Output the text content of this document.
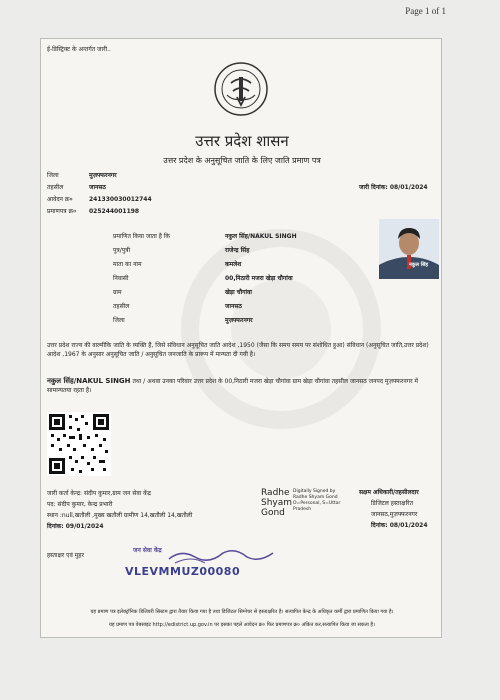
Page 1 of 1
ई-डिस्ट्रिक्ट के अन्तर्गत जारी..
उत्तर प्रदेश शासन
उत्तर प्रदेश के अनुसूचित जाति के लिए जाति प्रमाण पत्र
जिला	मुज़फ्फरनगर
तहसील	जानसठ	जारी दिनांक: 08/01/2024
आवेदन क्र०	241330030012744
प्रमाणपत्र क्र० 025244001198
प्रमाणित किया जाता है कि	नकुल सिंह/NAKUL SINGH
पुत्र/पुत्री	राजेन्द्र सिंह
माता का नाम	कमलेश
निवासी	00,निठारी मजरा खेड़ा चौगांवा
ग्राम	खेड़ा चौगांवा
तहसील	जानसठ
जिला	मुज़फ्फरनगर
नकुल सिंह
उत्तर प्रदेश राज्य की वाल्मीकि जाति के व्यक्ति हैं, जिसे संविधान अनुसूचित जाति आदेश ,1950 (जैसा कि समय समय पर संशोधित हुआ) संविधान (अनुसूचित जाति,उत्तर प्रदेश) आदेश ,1967 के अनुसार अनुसूचित जाति / अनुसूचित जनजाति के प्रारूप में मान्यता दी गयी है।
नकुल सिंह/NAKUL SINGH तथा / अथवा उनका परिवार उत्तर प्रदेश के 00,निठारी मजरा खेड़ा चौगांवा ग्राम खेड़ा चौगांवा तहसील जानसठ जनपद मुज़फ्फरनगर में सामान्यतया रहता है।
जारी कर्ता केन्द्र: संदीप कुमार,ग्राम जन सेवा केंद्र
पद: संदीप कुमार, केन्द्र प्रभारी
स्थान :null,खतौली ,मुख्य खतौली ग्रामीण 14,खतौली 14,खतौली
दिनांक: 09/01/2024
Radhe
Shyam
Gond
Digitally Signed by Radhe Shyam Gond O=Personal, S=Uttar Pradesh
सक्षम अधिकारी/तहसीलदार
डिजिटल हस्ताक्षरित
जानसठ,मुज़फ्फरनगर
दिनांक: 08/01/2024
हस्ताक्षर एवं मुहर
जन सेवा केंद्र
VLEVMMUZ00080
यह प्रमाण पत्र इलेक्ट्रॉनिक डिलिवरी सिस्टम द्वारा तैयार किया गया है तथा डिजिटल सिग्नेचर से हस्ताक्षरित है। सत्यापित केन्द्र के अधिकृत कर्मी द्वारा प्रमाणित किया गया है।
यह प्रमाण पत्र वेबसाइट http://edistrict.up.gov.in पर इसका पहले आवेदन क्र० फिर प्रमाणपत्र क्र० अंकित कर,सत्यापित किया जा सकता है।
